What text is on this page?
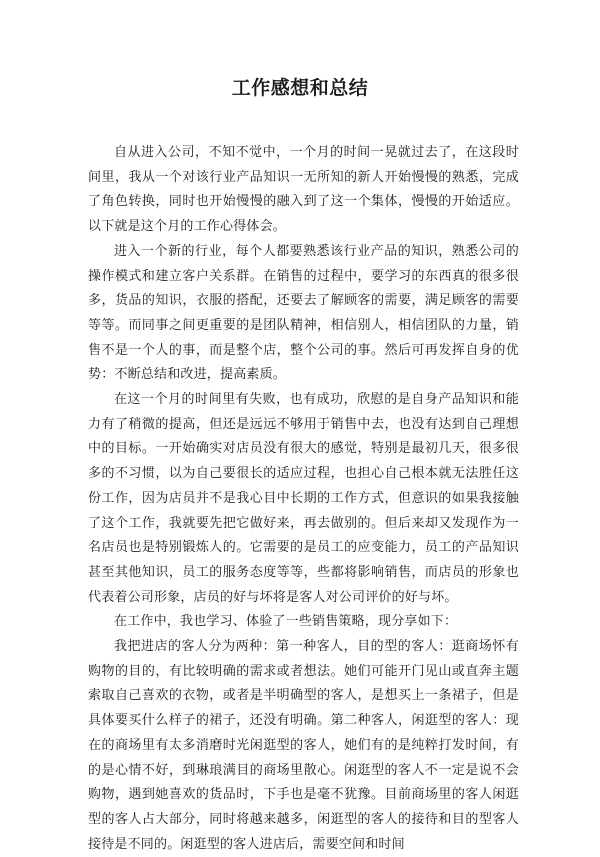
工作感想和总结

自从进入公司，不知不觉中，一个月的时间一晃就过去了，在这段时间里，我从一个对该行业产品知识一无所知的新人开始慢慢的熟悉，完成了角色转换，同时也开始慢慢的融入到了这一个集体，慢慢的开始适应。以下就是这个月的工作心得体会。

进入一个新的行业，每个人都要熟悉该行业产品的知识，熟悉公司的操作模式和建立客户关系群。在销售的过程中，要学习的东西真的很多很多，货品的知识，衣服的搭配，还要去了解顾客的需要，满足顾客的需要等等。而同事之间更重要的是团队精神，相信别人，相信团队的力量，销售不是一个人的事，而是整个店，整个公司的事。然后可再发挥自身的优势：不断总结和改进，提高素质。

在这一个月的时间里有失败，也有成功，欣慰的是自身产品知识和能力有了稍微的提高，但还是远远不够用于销售中去，也没有达到自己理想中的目标。一开始确实对店员没有很大的感觉，特别是最初几天，很多很多的不习惯，以为自己要很长的适应过程，也担心自己根本就无法胜任这份工作，因为店员并不是我心目中长期的工作方式，但意识的如果我接触了这个工作，我就要先把它做好来，再去做别的。但后来却又发现作为一名店员也是特别锻炼人的。它需要的是员工的应变能力，员工的产品知识甚至其他知识，员工的服务态度等等，些都将影响销售，而店员的形象也代表着公司形象，店员的好与坏将是客人对公司评价的好与坏。

在工作中，我也学习、体验了一些销售策略，现分享如下：

我把进店的客人分为两种：第一种客人，目的型的客人：逛商场怀有购物的目的，有比较明确的需求或者想法。她们可能开门见山或直奔主题索取自己喜欢的衣物，或者是半明确型的客人，是想买上一条裙子，但是具体要买什么样子的裙子，还没有明确。第二种客人，闲逛型的客人：现在的商场里有太多消磨时光闲逛型的客人，她们有的是纯粹打发时间，有的是心情不好，到琳琅满目的商场里散心。闲逛型的客人不一定是说不会购物，遇到她喜欢的货品时，下手也是毫不犹豫。目前商场里的客人闲逛型的客人占大部分，同时将越来越多，闲逛型的客人的接待和目的型客人接待是不同的。闲逛型的客人进店后，需要空间和时间
